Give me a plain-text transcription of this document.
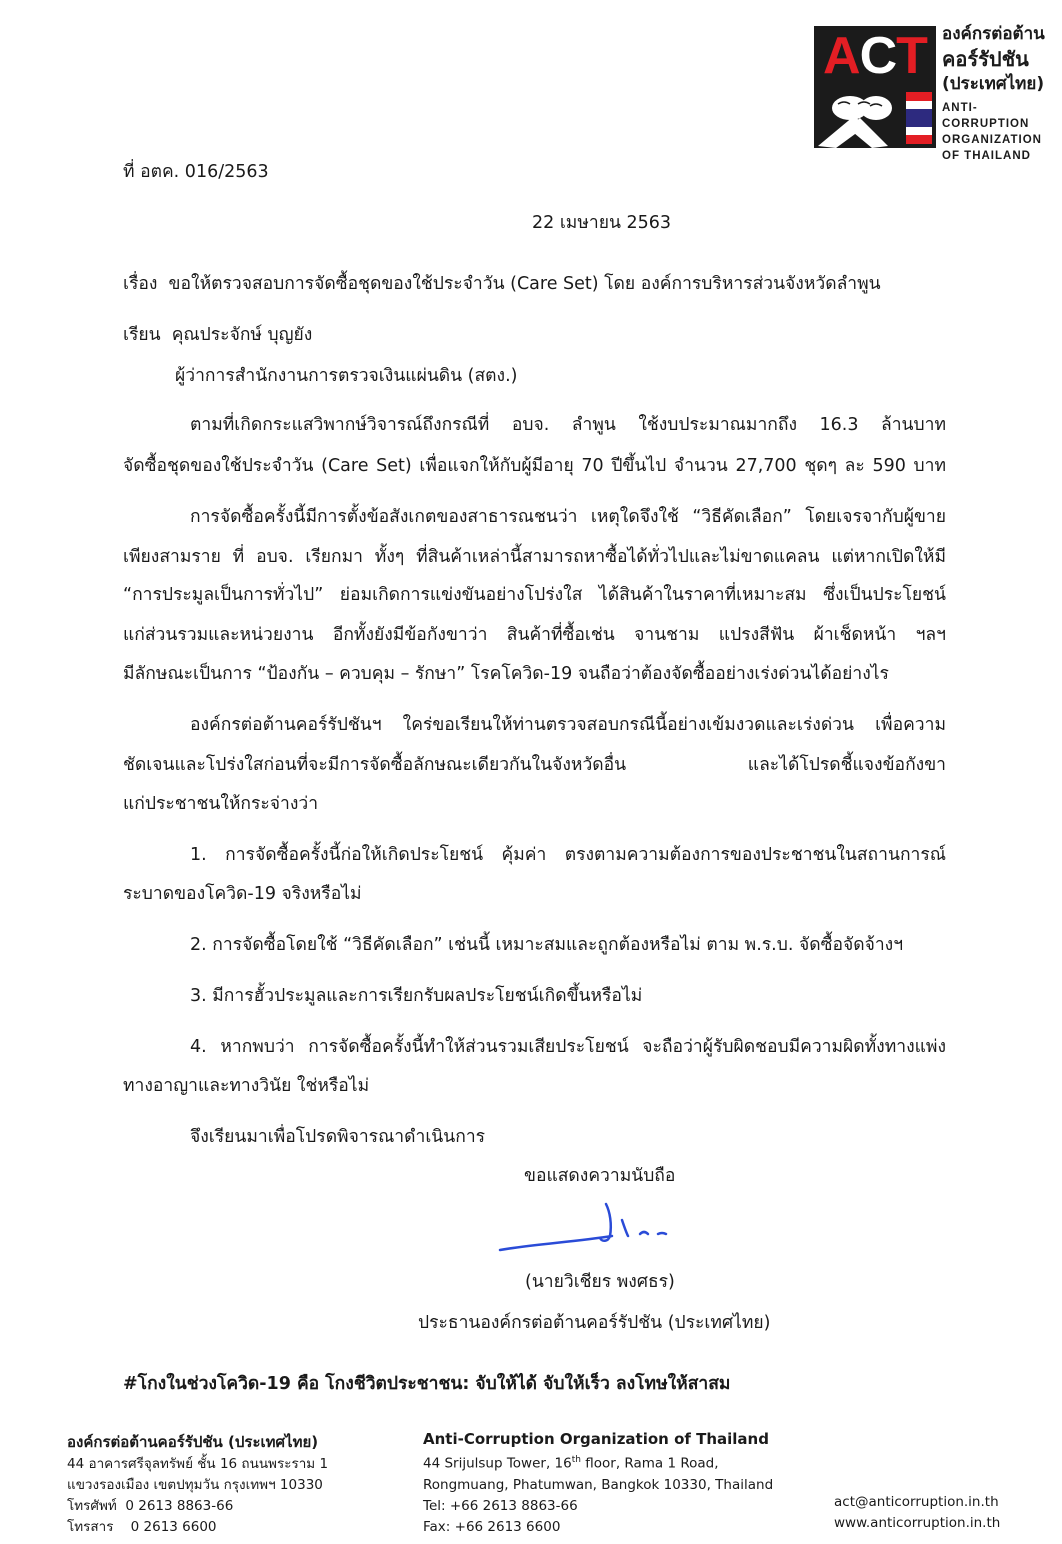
ACT องค์กรต่อต้าน
คอร์รัปชัน
(ประเทศไทย)
ANTI-CORRUPTION
ORGANIZATION
OF THAILAND
ที่ อตค. 016/2563
22 เมษายน 2563
เรื่อง  ขอให้ตรวจสอบการจัดซื้อชุดของใช้ประจำวัน (Care Set) โดย องค์การบริหารส่วนจังหวัดลำพูน
เรียน  คุณประจักษ์ บุญยัง
ผู้ว่าการสำนักงานการตรวจเงินแผ่นดิน (สตง.)
ตามที่เกิดกระแสวิพากษ์วิจารณ์ถึงกรณีที่ อบจ. ลำพูน ใช้งบประมาณมากถึง 16.3 ล้านบาท
จัดซื้อชุดของใช้ประจำวัน (Care Set) เพื่อแจกให้กับผู้มีอายุ 70 ปีขึ้นไป จำนวน 27,700 ชุดๆ ละ 590 บาท
การจัดซื้อครั้งนี้มีการตั้งข้อสังเกตของสาธารณชนว่า เหตุใดจึงใช้ “วิธีคัดเลือก” โดยเจรจากับผู้ขาย
เพียงสามราย ที่ อบจ. เรียกมา ทั้งๆ ที่สินค้าเหล่านี้สามารถหาซื้อได้ทั่วไปและไม่ขาดแคลน แต่หากเปิดให้มี
“การประมูลเป็นการทั่วไป” ย่อมเกิดการแข่งขันอย่างโปร่งใส ได้สินค้าในราคาที่เหมาะสม ซึ่งเป็นประโยชน์
แก่ส่วนรวมและหน่วยงาน อีกทั้งยังมีข้อกังขาว่า สินค้าที่ซื้อเช่น จานชาม แปรงสีฟัน ผ้าเช็ดหน้า ฯลฯ
มีลักษณะเป็นการ “ป้องกัน – ควบคุม – รักษา” โรคโควิด-19 จนถือว่าต้องจัดซื้ออย่างเร่งด่วนได้อย่างไร
องค์กรต่อต้านคอร์รัปชันฯ ใคร่ขอเรียนให้ท่านตรวจสอบกรณีนี้อย่างเข้มงวดและเร่งด่วน เพื่อความ
ชัดเจนและโปร่งใสก่อนที่จะมีการจัดซื้อลักษณะเดียวกันในจังหวัดอื่น และได้โปรดชี้แจงข้อกังขา
แก่ประชาชนให้กระจ่างว่า
1. การจัดซื้อครั้งนี้ก่อให้เกิดประโยชน์ คุ้มค่า ตรงตามความต้องการของประชาชนในสถานการณ์
ระบาดของโควิด-19 จริงหรือไม่
2. การจัดซื้อโดยใช้ “วิธีคัดเลือก” เช่นนี้ เหมาะสมและถูกต้องหรือไม่ ตาม พ.ร.บ. จัดซื้อจัดจ้างฯ
3. มีการฮั้วประมูลและการเรียกรับผลประโยชน์เกิดขึ้นหรือไม่
4. หากพบว่า การจัดซื้อครั้งนี้ทำให้ส่วนรวมเสียประโยชน์ จะถือว่าผู้รับผิดชอบมีความผิดทั้งทางแพ่ง
ทางอาญาและทางวินัย ใช่หรือไม่
จึงเรียนมาเพื่อโปรดพิจารณาดำเนินการ
ขอแสดงความนับถือ
(นายวิเชียร พงศธร)
ประธานองค์กรต่อต้านคอร์รัปชัน (ประเทศไทย)
#โกงในช่วงโควิด-19 คือ โกงชีวิตประชาชน: จับให้ได้ จับให้เร็ว ลงโทษให้สาสม
องค์กรต่อต้านคอร์รัปชัน (ประเทศไทย)
44 อาคารศรีจุลทรัพย์ ชั้น 16 ถนนพระราม 1
แขวงรองเมือง เขตปทุมวัน กรุงเทพฯ 10330
โทรศัพท์  0 2613 8863-66
โทรสาร    0 2613 6600
Anti-Corruption Organization of Thailand
44 Srijulsup Tower, 16th floor, Rama 1 Road,
Rongmuang, Phatumwan, Bangkok 10330, Thailand
Tel: +66 2613 8863-66
Fax: +66 2613 6600
act@anticorruption.in.th
www.anticorruption.in.th
